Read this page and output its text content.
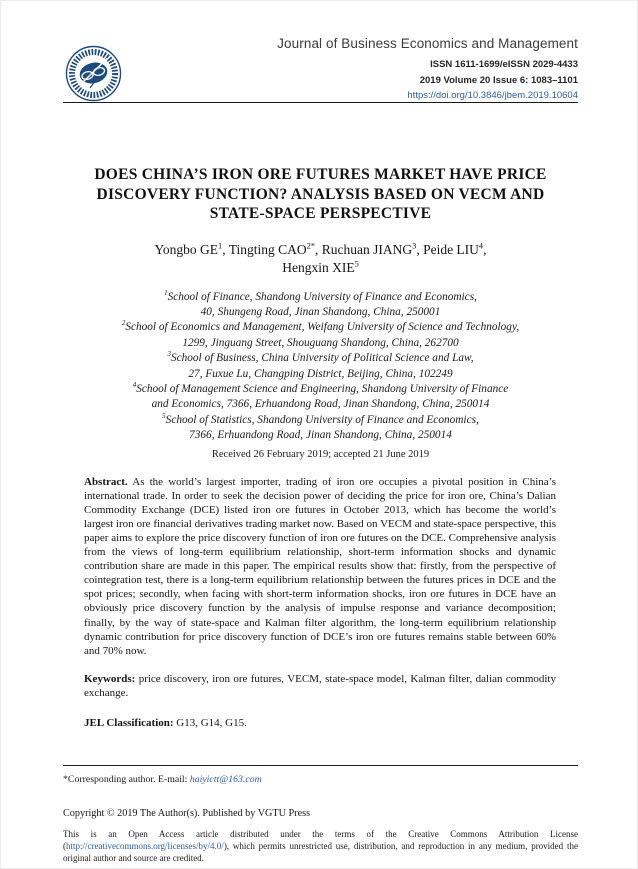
Journal of Business Economics and Management
ISSN 1611-1699/eISSN 2029-4433
2019 Volume 20 Issue 6: 1083–1101
https://doi.org/10.3846/jbem.2019.10604
DOES CHINA’S IRON ORE FUTURES MARKET HAVE PRICE
DISCOVERY FUNCTION? ANALYSIS BASED ON VECM AND
STATE-SPACE PERSPECTIVE
Yongbo $GE^1$, Tingting $CAO^{2*}$, Ruchuan JIANG$^3$, Peide LIU$^4$,
Hengxin XIE$^5$
$^1$School of Finance, Shandong University of Finance and Economics,
40, Shungeng Road, Jinan Shandong, China, 250001
$^2$School of Economics and Management, Weifang University of Science and Technology,
1299, Jinguang Street, Shouguang Shandong, China, 262700
$^3$School of Business, China University of Political Science and Law,
27, Fuxue Lu, Changping District, Beijing, China, 102249
$^4$School of Management Science and Engineering, Shandong University of Finance
and Economics, 7366, Erhuandong Road, Jinan Shandong, China, 250014
$^5$School of Statistics, Shandong University of Finance and Economics,
7366, Erhuandong Road, Jinan Shandong, China, 250014
Received 26 February 2019; accepted 21 June 2019

Abstract. As the world’s largest importer, trading of iron ore occupies a pivotal position in China’s international trade. In order to seek the decision power of deciding the price for iron ore, China’s Dalian Commodity Exchange (DCE) listed iron ore futures in October 2013, which has become the world’s largest iron ore financial derivatives trading market now. Based on VECM and state-space perspective, this paper aims to explore the price discovery function of iron ore futures on the DCE. Comprehensive analysis from the views of long-term equilibrium relationship, short-term information shocks and dynamic contribution share are made in this paper. The empirical results show that: firstly, from the perspective of cointegration test, there is a long-term equilibrium relationship between the futures prices in DCE and the spot prices; secondly, when facing with short-term information shocks, iron ore futures in DCE have an obviously price discovery function by the analysis of impulse response and variance decomposition; finally, by the way of state-space and Kalman filter algorithm, the long-term equilibrium relationship dynamic contribution for price discovery function of DCE’s iron ore futures remains stable between 60% and 70% now.

Keywords: price discovery, iron ore futures, VECM, state-space model, Kalman filter, dalian commodity exchange.

JEL Classification: G13, G14, G15.

*Corresponding author. E-mail: haiyictt@163.com
Copyright © 2019 The Author(s). Published by VGTU Press
This is an Open Access article distributed under the terms of the Creative Commons Attribution License (http://creativecommons.org/licenses/by/4.0/), which permits unrestricted use, distribution, and reproduction in any medium, provided the original author and source are credited.
